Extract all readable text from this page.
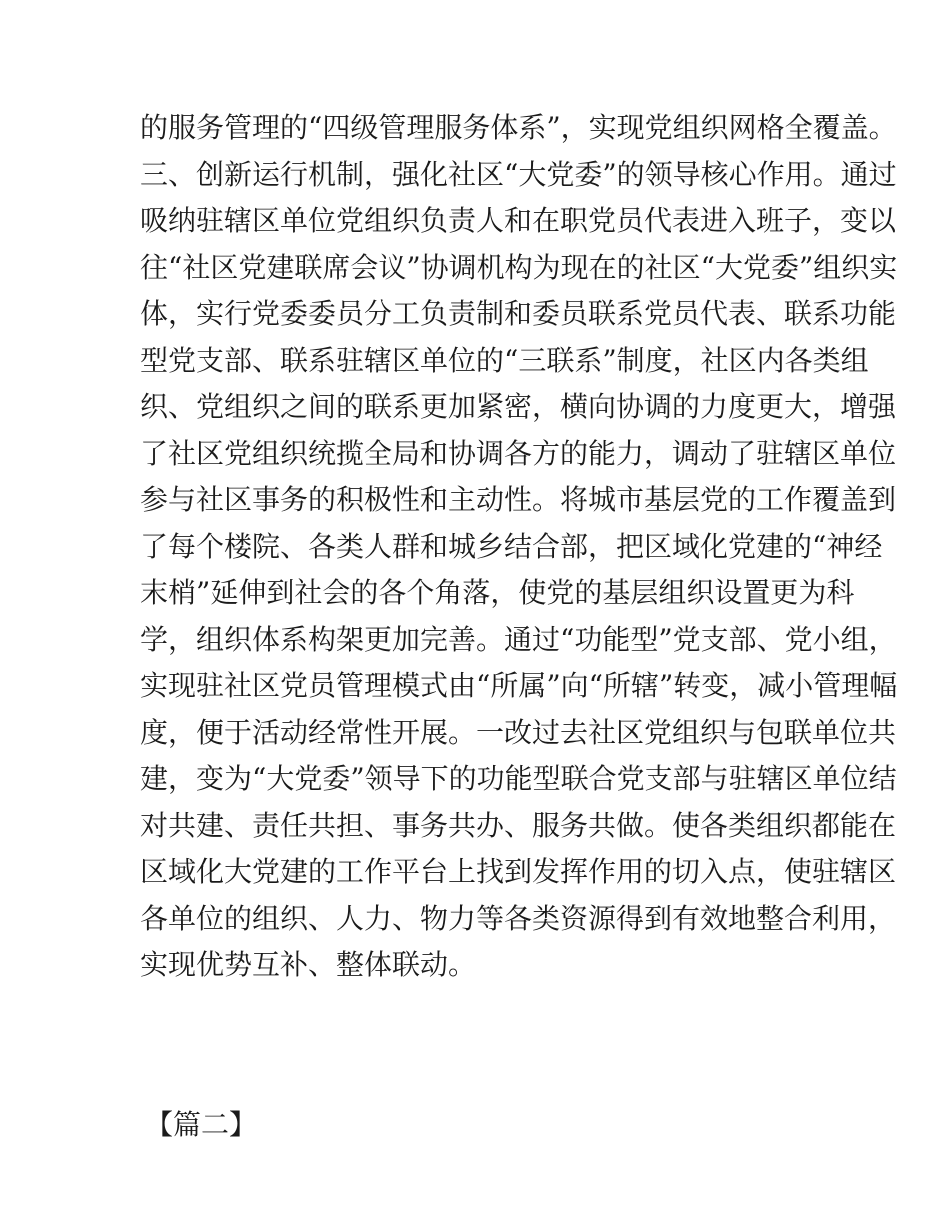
的服务管理的“四级管理服务体系”，实现党组织网格全覆盖。
三、创新运行机制，强化社区“大党委”的领导核心作用。通过
吸纳驻辖区单位党组织负责人和在职党员代表进入班子，变以
往“社区党建联席会议”协调机构为现在的社区“大党委”组织实
体，实行党委委员分工负责制和委员联系党员代表、联系功能
型党支部、联系驻辖区单位的“三联系”制度，社区内各类组
织、党组织之间的联系更加紧密，横向协调的力度更大，增强
了社区党组织统揽全局和协调各方的能力，调动了驻辖区单位
参与社区事务的积极性和主动性。将城市基层党的工作覆盖到
了每个楼院、各类人群和城乡结合部，把区域化党建的“神经
末梢”延伸到社会的各个角落，使党的基层组织设置更为科
学，组织体系构架更加完善。通过“功能型”党支部、党小组，
实现驻社区党员管理模式由“所属”向“所辖”转变，减小管理幅
度，便于活动经常性开展。一改过去社区党组织与包联单位共
建，变为“大党委”领导下的功能型联合党支部与驻辖区单位结
对共建、责任共担、事务共办、服务共做。使各类组织都能在
区域化大党建的工作平台上找到发挥作用的切入点，使驻辖区
各单位的组织、人力、物力等各类资源得到有效地整合利用，
实现优势互补、整体联动。
【篇二】
